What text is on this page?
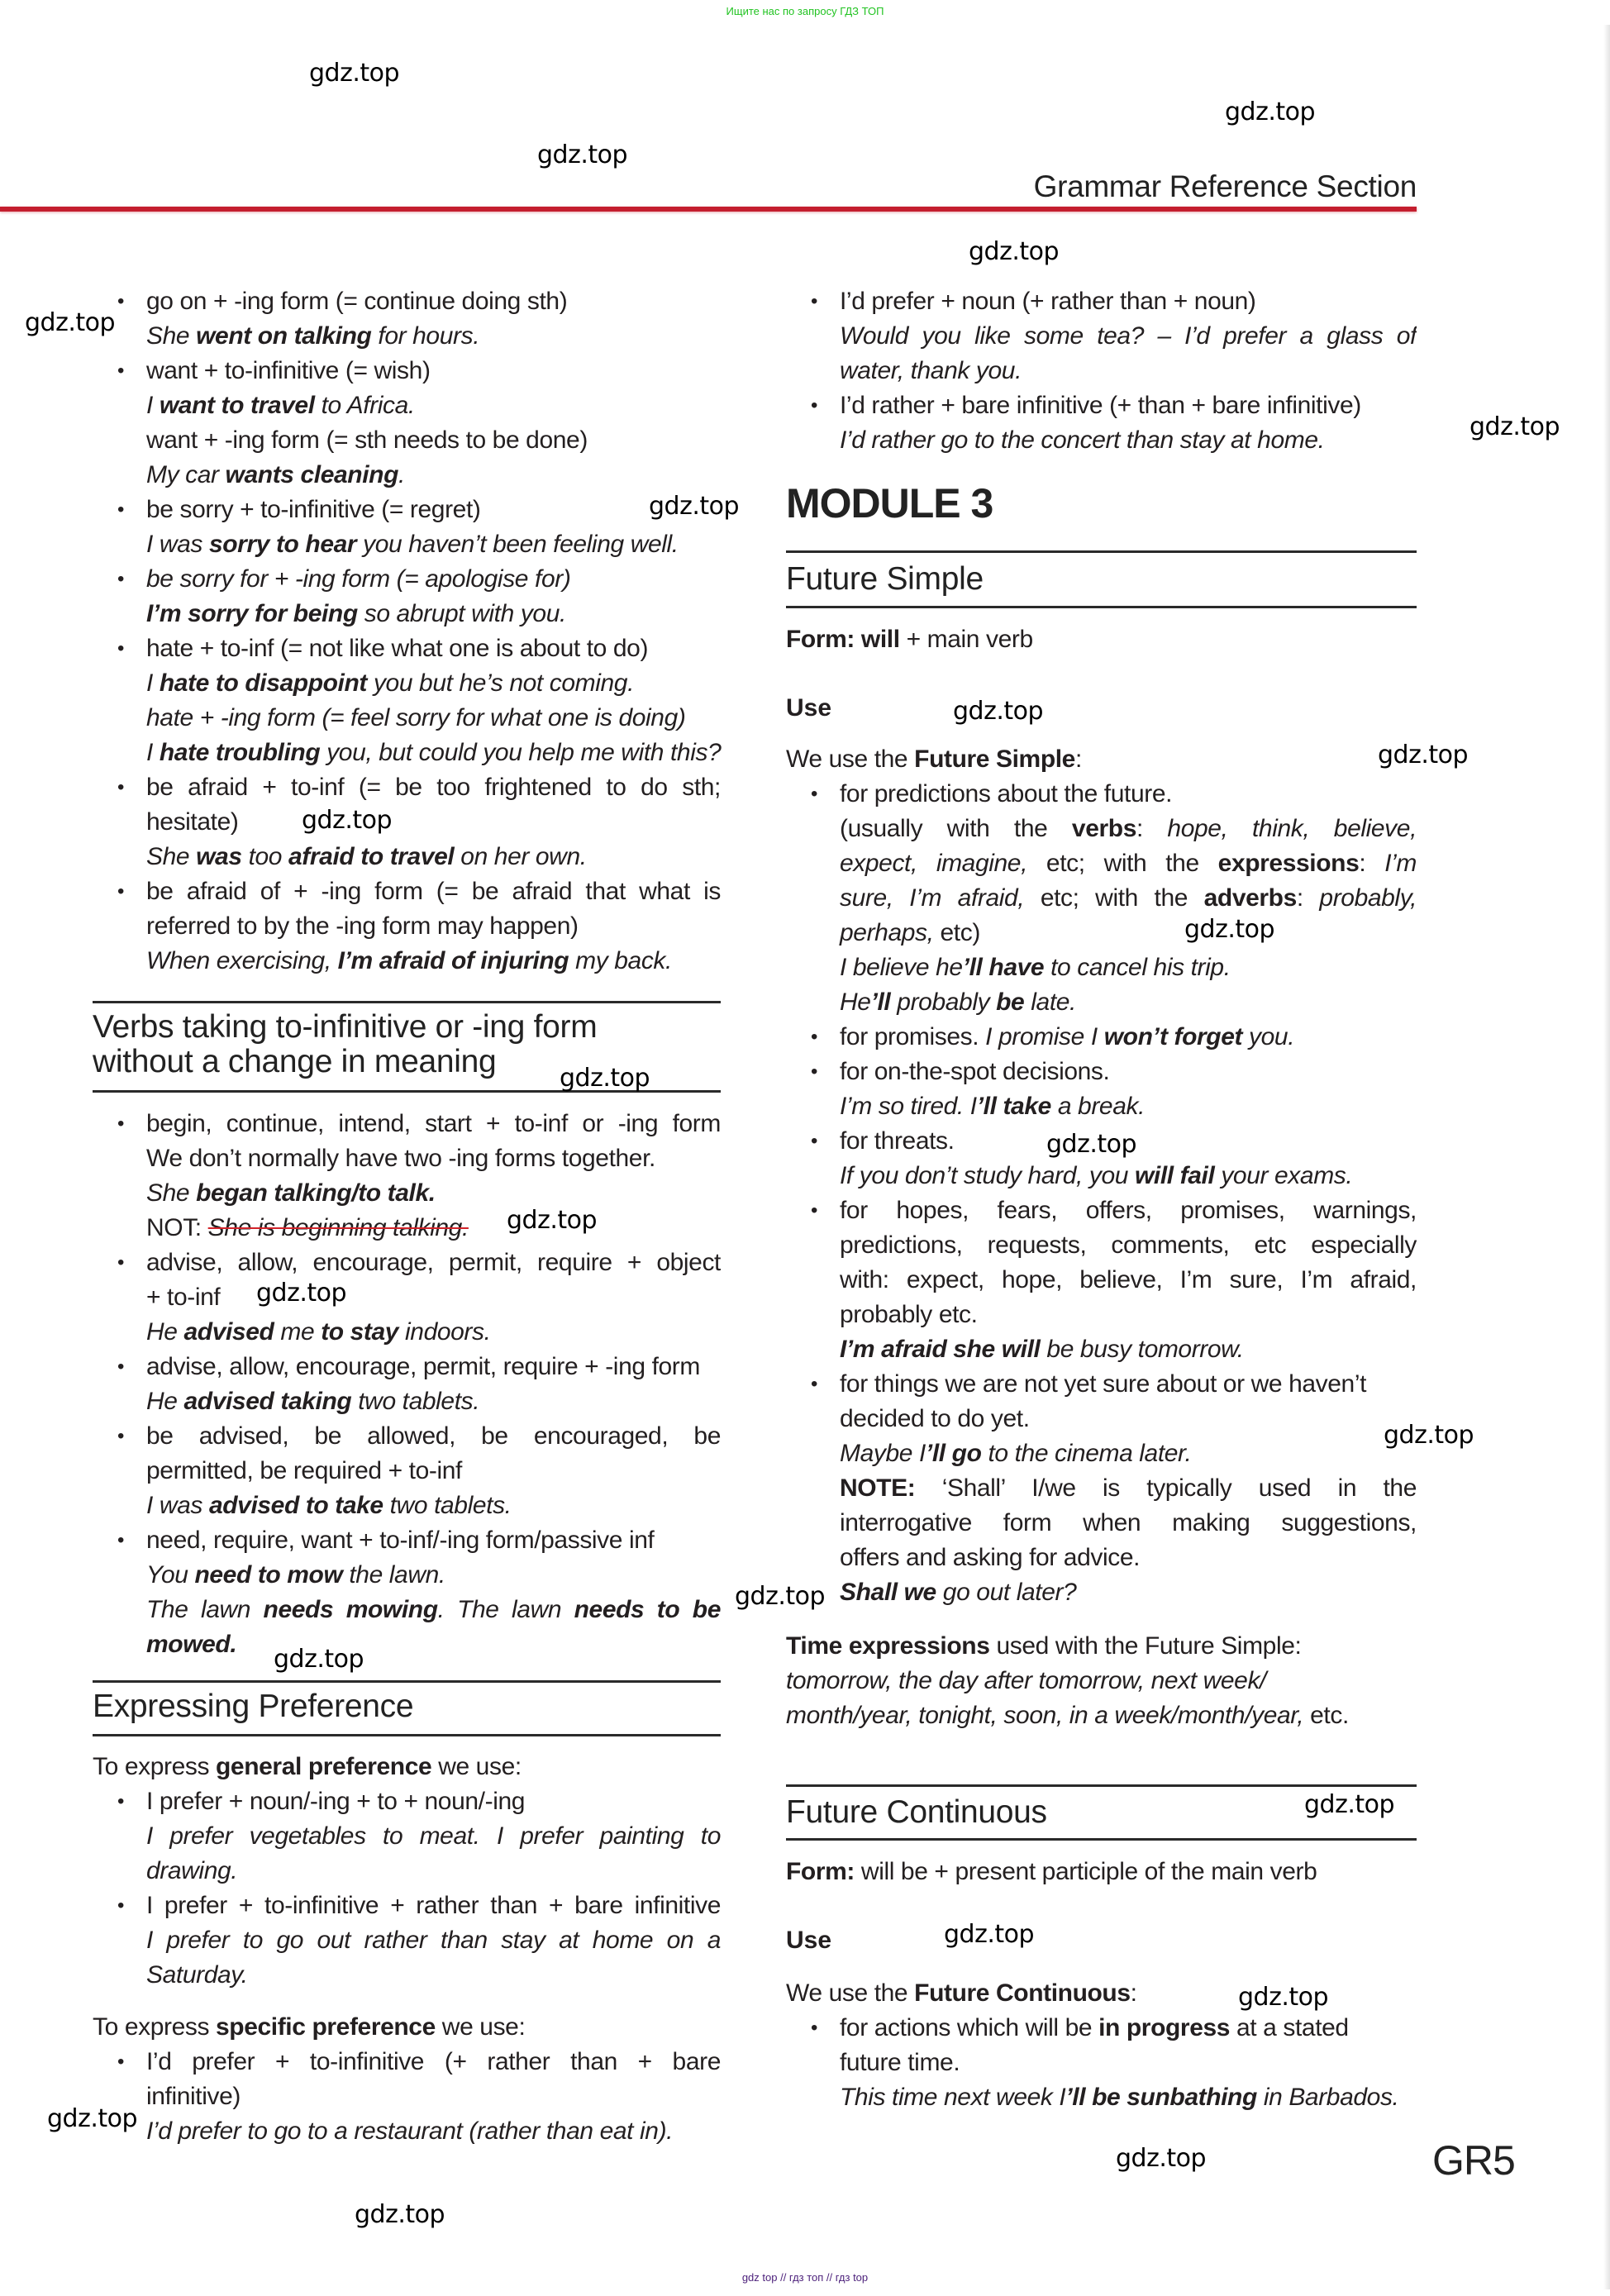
Ищите нас по запросу ГДЗ ТОП
Grammar Reference Section
• go on + -ing form (= continue doing sth)
She went on talking for hours.
• want + to-infinitive (= wish)
I want to travel to Africa.
want + -ing form (= sth needs to be done)
My car wants cleaning.
• be sorry + to-infinitive (= regret)
I was sorry to hear you haven’t been feeling well.
• be sorry for + -ing form (= apologise for)
I’m sorry for being so abrupt with you.
• hate + to-inf (= not like what one is about to do)
I hate to disappoint you but he’s not coming.
hate + -ing form (= feel sorry for what one is doing)
I hate troubling you, but could you help me with this?
• be afraid + to-inf (= be too frightened to do sth;
hesitate)
She was too afraid to travel on her own.
• be afraid of + -ing form (= be afraid that what is
referred to by the -ing form may happen)
When exercising, I’m afraid of injuring my back.
Verbs taking to-infinitive or -ing form
without a change in meaning
• begin, continue, intend, start + to-inf or -ing form
We don’t normally have two -ing forms together.
She began talking/to talk.
NOT: She is beginning talking.
• advise, allow, encourage, permit, require + object
+ to-inf
He advised me to stay indoors.
• advise, allow, encourage, permit, require + -ing form
He advised taking two tablets.
• be advised, be allowed, be encouraged, be
permitted, be required + to-inf
I was advised to take two tablets.
• need, require, want + to-inf/-ing form/passive inf
You need to mow the lawn.
The lawn needs mowing. The lawn needs to be
mowed.
Expressing Preference
To express general preference we use:
• I prefer + noun/-ing + to + noun/-ing
I prefer vegetables to meat. I prefer painting to
drawing.
• I prefer + to-infinitive + rather than + bare infinitive
I prefer to go out rather than stay at home on a
Saturday.
To express specific preference we use:
• I’d prefer + to-infinitive (+ rather than + bare
infinitive)
I’d prefer to go to a restaurant (rather than eat in).
• I’d prefer + noun (+ rather than + noun)
Would you like some tea? – I’d prefer a glass of
water, thank you.
• I’d rather + bare infinitive (+ than + bare infinitive)
I’d rather go to the concert than stay at home.
MODULE 3
Future Simple
Form: will + main verb
Use
We use the Future Simple:
• for predictions about the future.
(usually with the verbs: hope, think, believe,
expect, imagine, etc; with the expressions: I’m
sure, I’m afraid, etc; with the adverbs: probably,
perhaps, etc)
I believe he’ll have to cancel his trip.
He’ll probably be late.
• for promises. I promise I won’t forget you.
• for on-the-spot decisions.
I’m so tired. I’ll take a break.
• for threats.
If you don’t study hard, you will fail your exams.
• for hopes, fears, offers, promises, warnings,
predictions, requests, comments, etc especially
with: expect, hope, believe, I’m sure, I’m afraid,
probably etc.
I’m afraid she will be busy tomorrow.
• for things we are not yet sure about or we haven’t
decided to do yet.
Maybe I’ll go to the cinema later.
NOTE: ‘Shall’ I/we is typically used in the
interrogative form when making suggestions,
offers and asking for advice.
Shall we go out later?
Time expressions used with the Future Simple:
tomorrow, the day after tomorrow, next week/
month/year, tonight, soon, in a week/month/year, etc.
Future Continuous
Form: will be + present participle of the main verb
Use
We use the Future Continuous:
• for actions which will be in progress at a stated
future time.
This time next week I’ll be sunbathing in Barbados.
GR5
gdz top // гдз топ // гдз top
gdz.top
gdz.top
gdz.top
gdz.top
gdz.top
gdz.top
gdz.top
gdz.top
gdz.top
gdz.top
gdz.top
gdz.top
gdz.top
gdz.top
gdz.top
gdz.top
gdz.top
gdz.top
gdz.top
gdz.top
gdz.top
gdz.top
gdz.top
gdz.top
